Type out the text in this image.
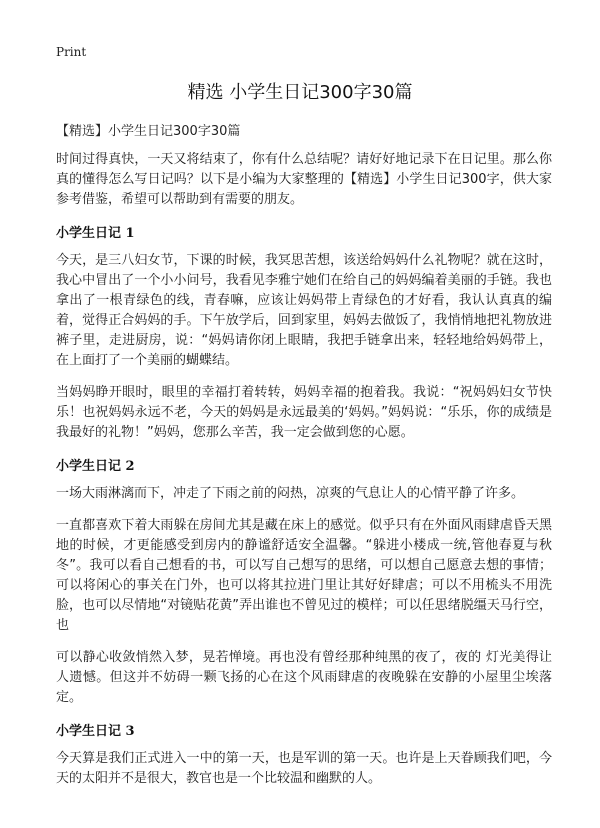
Print
精选 小学生日记300字30篇
【精选】小学生日记300字30篇

时间过得真快，一天又将结束了，你有什么总结呢？请好好地记录下在日记里。那么你真的懂得怎么写日记吗？以下是小编为大家整理的【精选】小学生日记300字，供大家参考借鉴，希望可以帮助到有需要的朋友。

小学生日记 1

今天，是三八妇女节，下课的时候，我冥思苦想，该送给妈妈什么礼物呢？就在这时，我心中冒出了一个小小问号，我看见李雅宁她们在给自己的妈妈编着美丽的手链。我也拿出了一根青绿色的线，青春嘛，应该让妈妈带上青绿色的才好看，我认认真真的编着，觉得正合妈妈的手。下午放学后，回到家里，妈妈去做饭了，我悄悄地把礼物放进裤子里，走进厨房，说：“妈妈请你闭上眼睛，我把手链拿出来，轻轻地给妈妈带上，在上面打了一个美丽的蝴蝶结。

当妈妈睁开眼时，眼里的幸福打着转转，妈妈幸福的抱着我。我说：“祝妈妈妇女节快乐！也祝妈妈永远不老，今天的妈妈是永远最美的‘妈妈。”妈妈说：“乐乐，你的成绩是我最好的礼物！”妈妈，您那么辛苦，我一定会做到您的心愿。

小学生日记 2

一场大雨淋漓而下，冲走了下雨之前的闷热，凉爽的气息让人的心情平静了许多。

一直都喜欢下着大雨躲在房间尤其是藏在床上的感觉。似乎只有在外面风雨肆虐昏天黑地的时候，才更能感受到房内的静谧舒适安全温馨。“躲进小楼成一统,管他春夏与秋冬”。我可以看自己想看的书，可以写自己想写的思绪，可以想自己愿意去想的事情；可以将闲心的事关在门外，也可以将其拉进门里让其好好肆虐；可以不用梳头不用洗脸，也可以尽情地“对镜贴花黄”弄出谁也不曾见过的模样；可以任思绪脱缰天马行空，也

可以静心收敛悄然入梦，晃若惮境。再也没有曾经那种纯黑的夜了，夜的 灯光美得让人遗憾。但这并不妨碍一颗飞扬的心在这个风雨肆虐的夜晚躲在安静的小屋里尘埃落定。

小学生日记 3

今天算是我们正式进入一中的第一天，也是军训的第一天。也许是上天眷顾我们吧，今天的太阳并不是很大，教官也是一个比较温和幽默的人。
